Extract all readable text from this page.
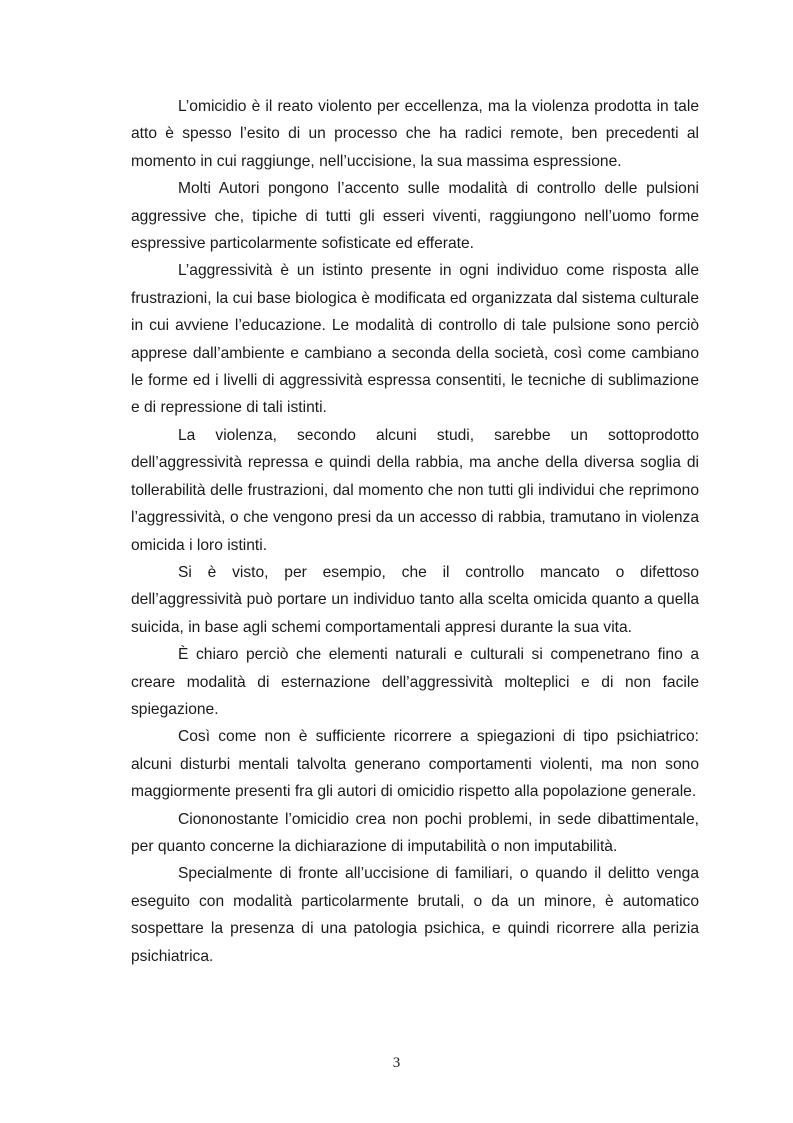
L’omicidio è il reato violento per eccellenza, ma la violenza prodotta in tale atto è spesso l’esito di un processo che ha radici remote, ben precedenti al momento in cui raggiunge, nell’uccisione, la sua massima espressione.

Molti Autori pongono l’accento sulle modalità di controllo delle pulsioni aggressive che, tipiche di tutti gli esseri viventi, raggiungono nell’uomo forme espressive particolarmente sofisticate ed efferate.

L’aggressività è un istinto presente in ogni individuo come risposta alle frustrazioni, la cui base biologica è modificata ed organizzata dal sistema culturale in cui avviene l’educazione. Le modalità di controllo di tale pulsione sono perciò apprese dall’ambiente e cambiano a seconda della società, così come cambiano le forme ed i livelli di aggressività espressa consentiti, le tecniche di sublimazione e di repressione di tali istinti.

La violenza, secondo alcuni studi, sarebbe un sottoprodotto dell’aggressività repressa e quindi della rabbia, ma anche della diversa soglia di tollerabilità delle frustrazioni, dal momento che non tutti gli individui che reprimono l’aggressività, o che vengono presi da un accesso di rabbia, tramutano in violenza omicida i loro istinti.

Si è visto, per esempio, che il controllo mancato o difettoso dell’aggressività può portare un individuo tanto alla scelta omicida quanto a quella suicida, in base agli schemi comportamentali appresi durante la sua vita.

È chiaro perciò che elementi naturali e culturali si compenetrano fino a creare modalità di esternazione dell’aggressività molteplici e di non facile spiegazione.

Così come non è sufficiente ricorrere a spiegazioni di tipo psichiatrico: alcuni disturbi mentali talvolta generano comportamenti violenti, ma non sono maggiormente presenti fra gli autori di omicidio rispetto alla popolazione generale.

Ciononostante l’omicidio crea non pochi problemi, in sede dibattimentale, per quanto concerne la dichiarazione di imputabilità o non imputabilità.

Specialmente di fronte all’uccisione di familiari, o quando il delitto venga eseguito con modalità particolarmente brutali, o da un minore, è automatico sospettare la presenza di una patologia psichica, e quindi ricorrere alla perizia psichiatrica.

3
